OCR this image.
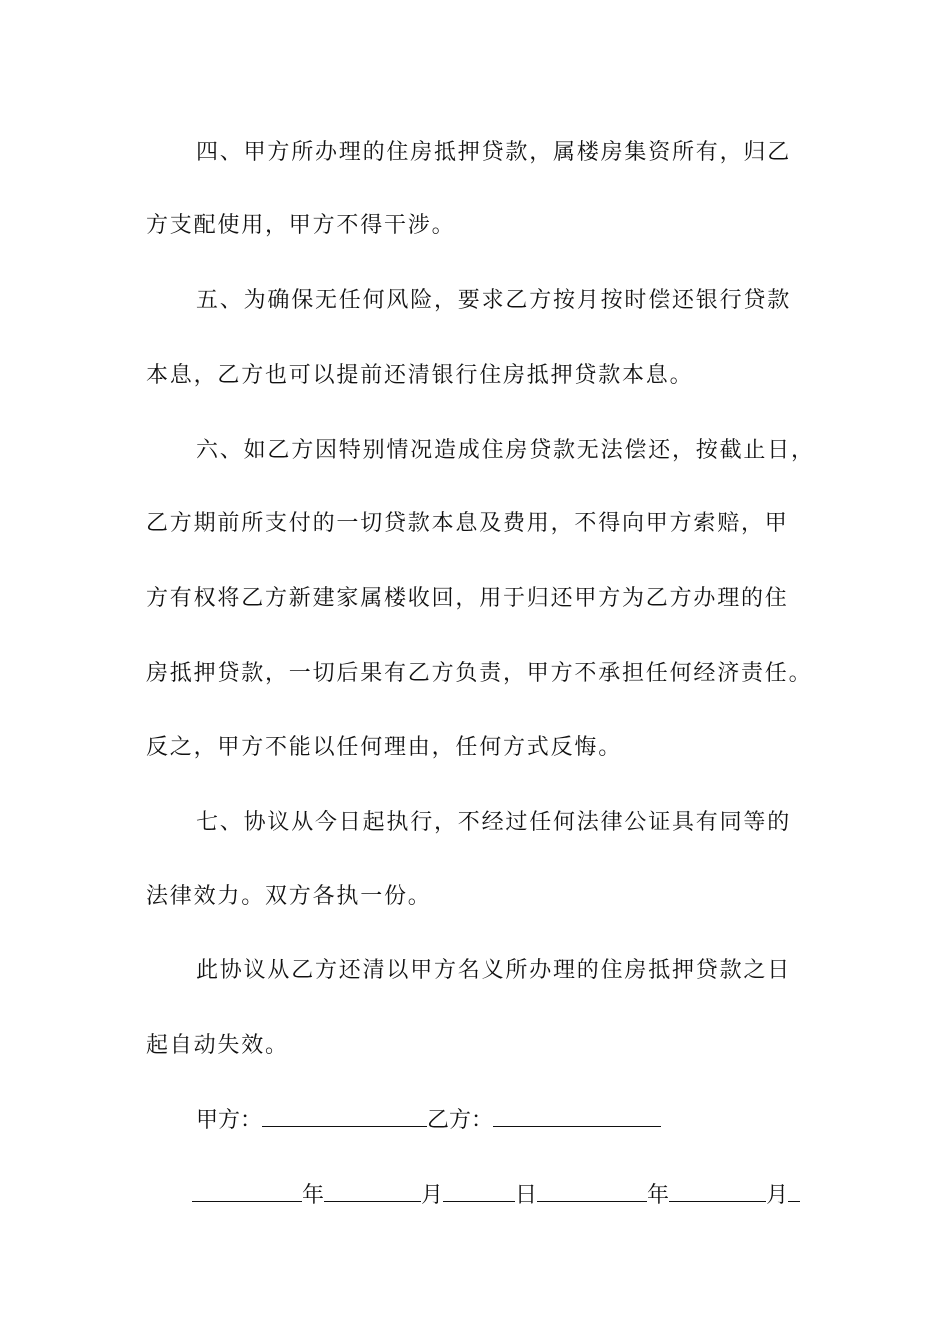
四、甲方所办理的住房抵押贷款，属楼房集资所有，归乙
方支配使用，甲方不得干涉。
五、为确保无任何风险，要求乙方按月按时偿还银行贷款
本息，乙方也可以提前还清银行住房抵押贷款本息。
六、如乙方因特别情况造成住房贷款无法偿还，按截止日，
乙方期前所支付的一切贷款本息及费用，不得向甲方索赔，甲
方有权将乙方新建家属楼收回，用于归还甲方为乙方办理的住
房抵押贷款，一切后果有乙方负责，甲方不承担任何经济责任。
反之，甲方不能以任何理由，任何方式反悔。
七、协议从今日起执行，不经过任何法律公证具有同等的
法律效力。双方各执一份。
此协议从乙方还清以甲方名义所办理的住房抵押贷款之日
起自动失效。
甲方：	乙方：
年	月	日	年	月
